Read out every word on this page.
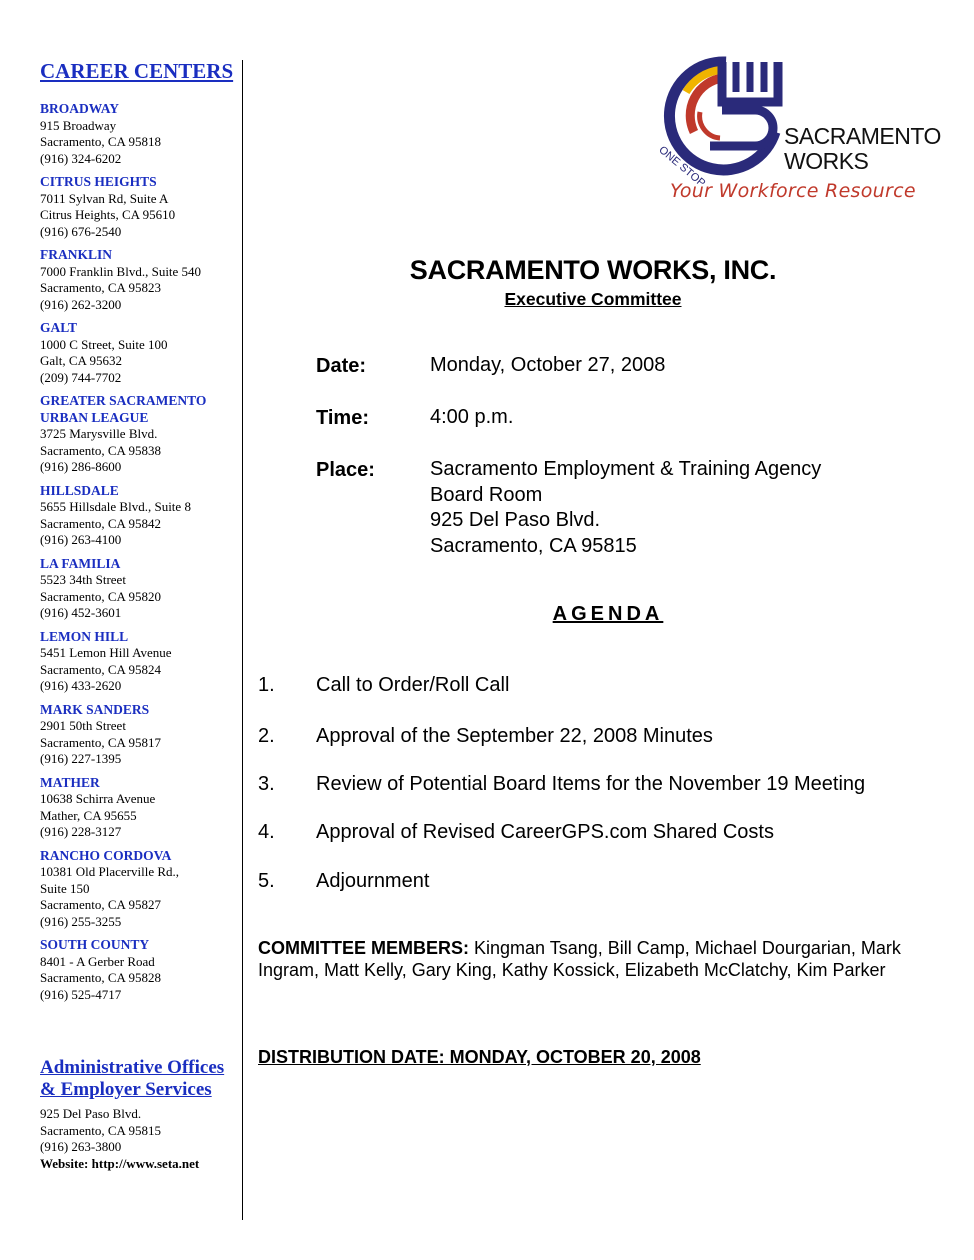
CAREER CENTERS
BROADWAY
915 Broadway
Sacramento, CA 95818
(916) 324-6202
CITRUS HEIGHTS
7011 Sylvan Rd, Suite A
Citrus Heights, CA 95610
(916) 676-2540
FRANKLIN
7000 Franklin Blvd., Suite 540
Sacramento, CA 95823
(916) 262-3200
GALT
1000 C Street, Suite 100
Galt, CA 95632
(209) 744-7702
GREATER SACRAMENTO URBAN LEAGUE
3725 Marysville Blvd.
Sacramento, CA 95838
(916) 286-8600
HILLSDALE
5655 Hillsdale Blvd., Suite 8
Sacramento, CA 95842
(916) 263-4100
LA FAMILIA
5523 34th Street
Sacramento, CA 95820
(916) 452-3601
LEMON HILL
5451 Lemon Hill Avenue
Sacramento, CA 95824
(916) 433-2620
MARK SANDERS
2901 50th Street
Sacramento, CA 95817
(916) 227-1395
MATHER
10638 Schirra Avenue
Mather, CA 95655
(916) 228-3127
RANCHO CORDOVA
10381 Old Placerville Rd.,
Suite 150
Sacramento, CA 95827
(916) 255-3255
SOUTH COUNTY
8401 - A Gerber Road
Sacramento, CA 95828
(916) 525-4717
Administrative Offices
& Employer Services
925 Del Paso Blvd.
Sacramento, CA 95815
(916) 263-3800
Website: http://www.seta.net
ONE STOP
SACRAMENTO
WORKS
Your Workforce Resource
SACRAMENTO WORKS, INC.
Executive Committee
Date:	Monday, October 27, 2008
Time:	4:00 p.m.
Place:	Sacramento Employment & Training Agency
Board Room
925 Del Paso Blvd.
Sacramento, CA 95815
AGENDA
1. Call to Order/Roll Call
2. Approval of the September 22, 2008 Minutes
3. Review of Potential Board Items for the November 19 Meeting
4. Approval of Revised CareerGPS.com Shared Costs
5. Adjournment
COMMITTEE MEMBERS: Kingman Tsang, Bill Camp, Michael Dourgarian, Mark Ingram, Matt Kelly, Gary King, Kathy Kossick, Elizabeth McClatchy, Kim Parker
DISTRIBUTION DATE: MONDAY, OCTOBER 20, 2008
